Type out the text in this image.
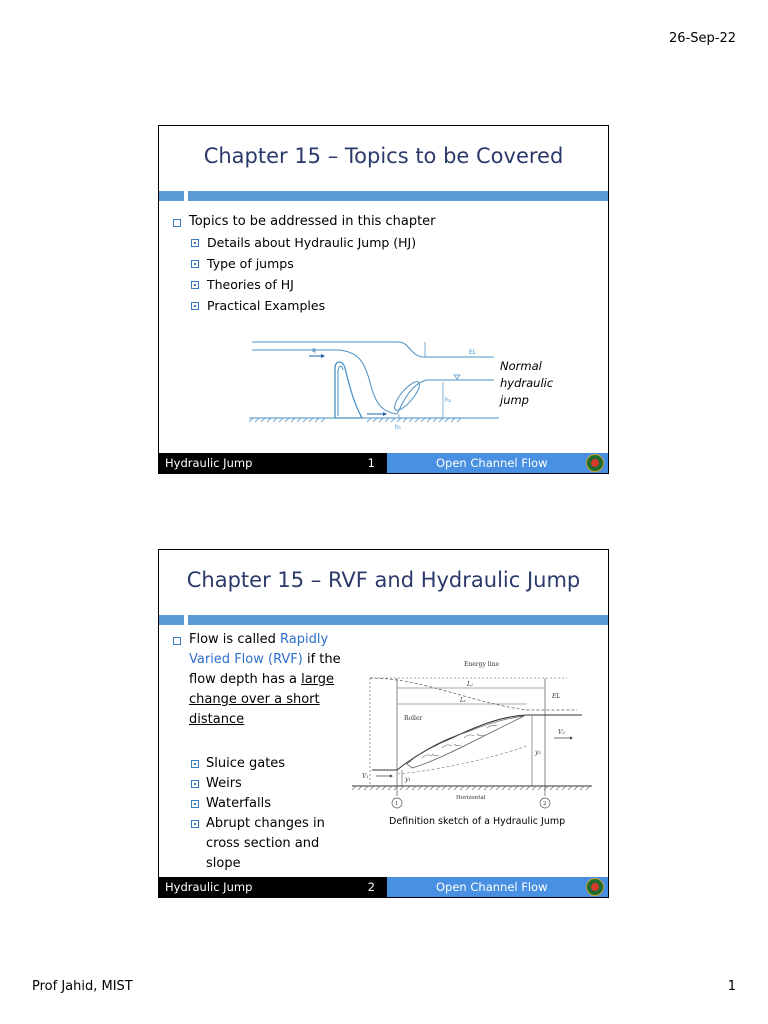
26-Sep-22
Chapter 15 – Topics to be Covered
Topics to be addressed in this chapter
Details about Hydraulic Jump (HJ)
Type of jumps
Theories of HJ
Practical Examples
q	EL
h₂
h₁
Normal
hydraulic
jump
Hydraulic Jump	1	Open Channel Flow
Chapter 15 – RVF and Hydraulic Jump
Flow is called Rapidly Varied Flow (RVF) if the flow depth has a large change over a short distance
Sluice gates
Weirs
Waterfalls
Abrupt changes in cross section and slope
Energy line
Roller
Horizontal
Lⱼ
Lᵣ
EL
V₁
V₂
y₁
y₂
1	2
Definition sketch of a Hydraulic Jump
Hydraulic Jump	2	Open Channel Flow
Prof Jahid, MIST	1
